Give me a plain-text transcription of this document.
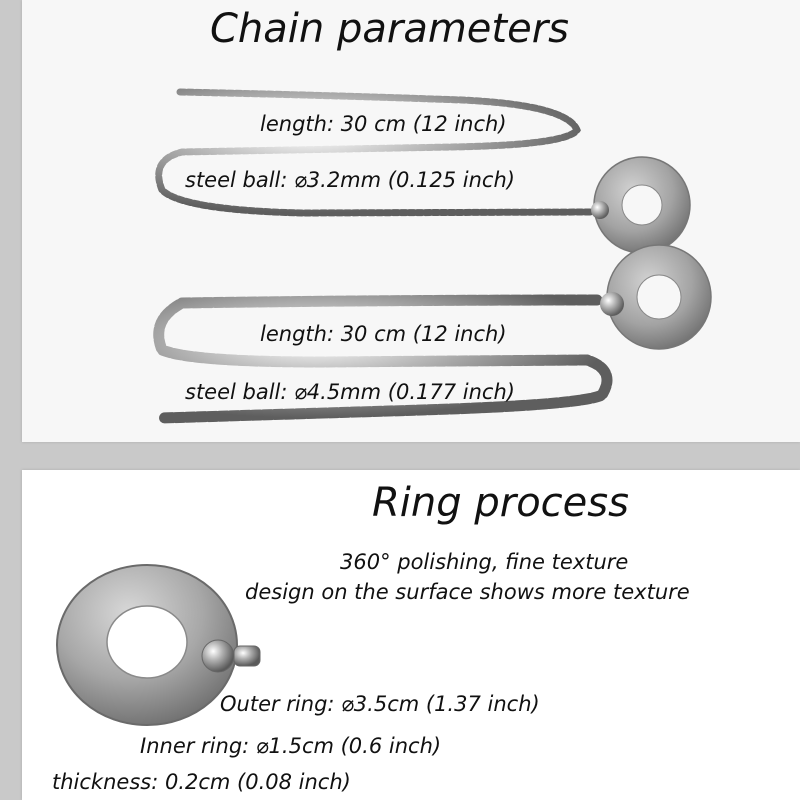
Chain parameters
length: 30 cm (12 inch)
steel ball: ⌀3.2mm (0.125 inch)
length: 30 cm (12 inch)
steel ball: ⌀4.5mm (0.177 inch)
Ring process
360° polishing, fine texture
design on the surface shows more texture
Outer ring: ⌀3.5cm (1.37 inch)
Inner ring: ⌀1.5cm (0.6 inch)
thickness: 0.2cm (0.08 inch)
